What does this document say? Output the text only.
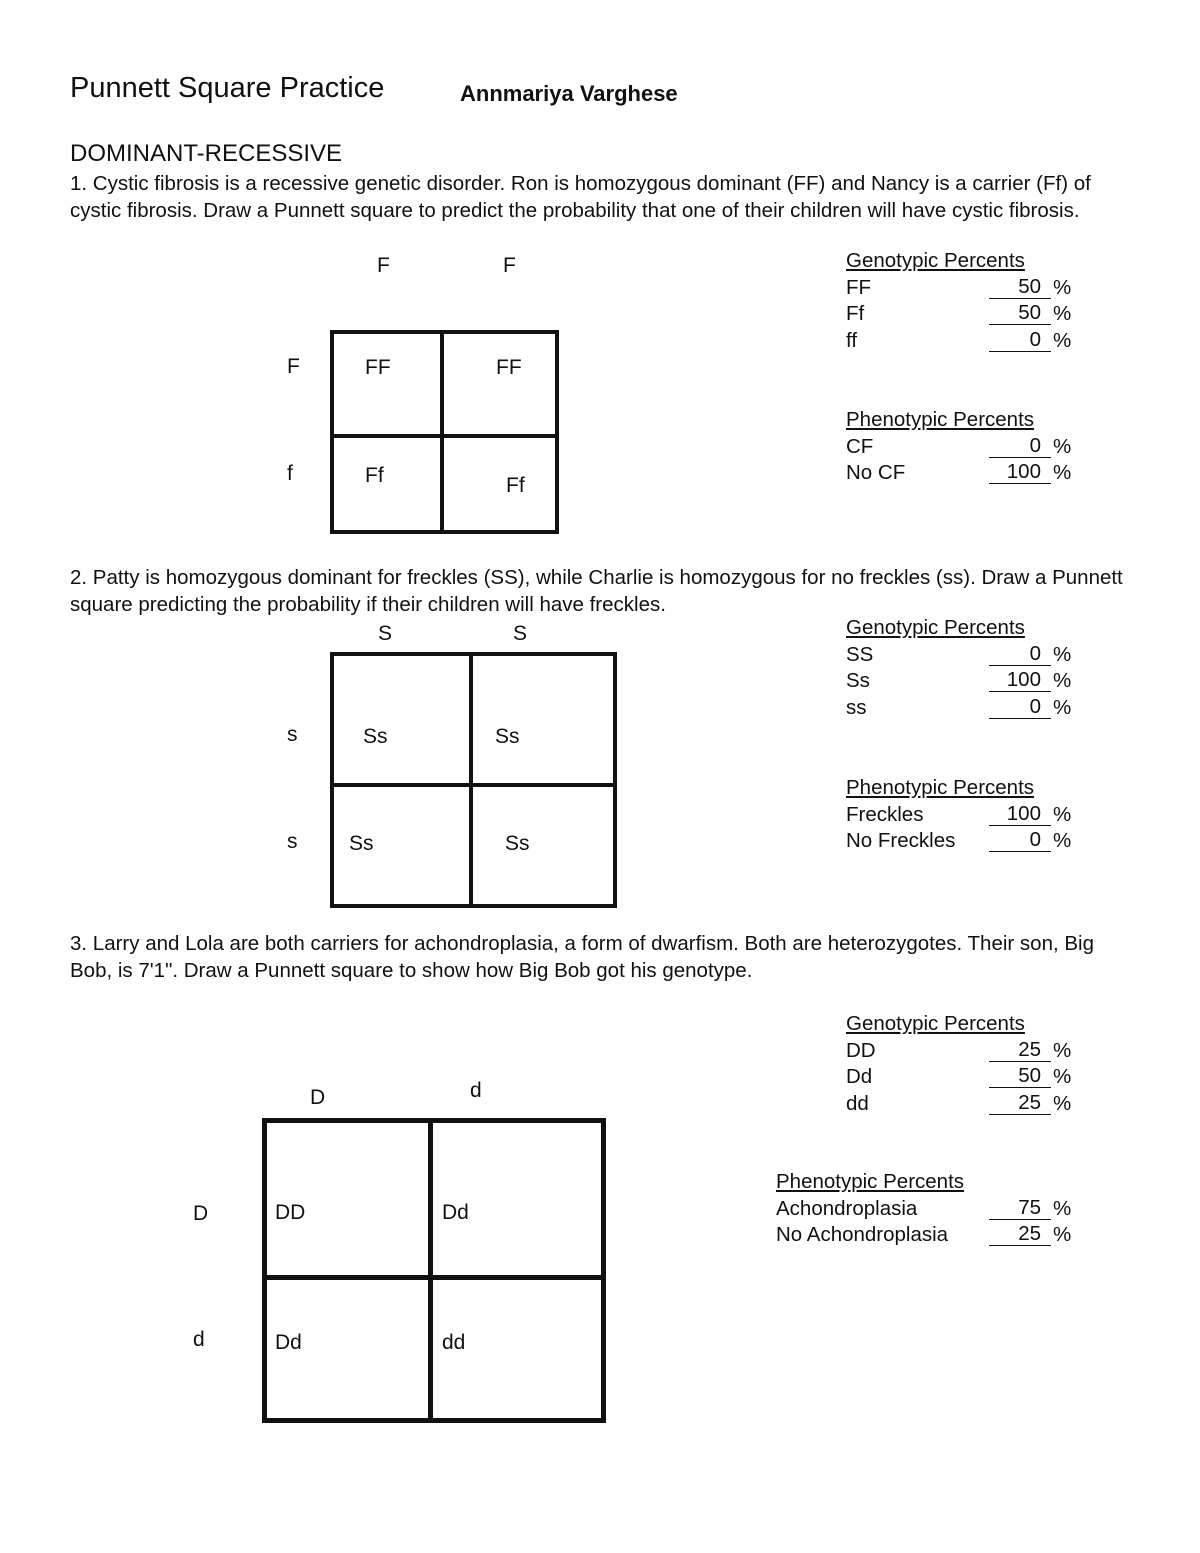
Punnett Square Practice	Annmariya Varghese
DOMINANT-RECESSIVE
1. Cystic fibrosis is a recessive genetic disorder. Ron is homozygous dominant (FF) and Nancy is a carrier (Ff) of cystic fibrosis. Draw a Punnett square to predict the probability that one of their children will have cystic fibrosis.
F	F
F
f
FF	FF
Ff	Ff
Genotypic Percents
FF	50 %
Ff	50 %
ff	0 %
Phenotypic Percents
CF	0 %
No CF	100 %
2. Patty is homozygous dominant for freckles (SS), while Charlie is homozygous for no freckles (ss). Draw a Punnett square predicting the probability if their children will have freckles.
S	S
s
s
Ss	Ss
Ss	Ss
Genotypic Percents
SS	0 %
Ss	100 %
ss	0 %
Phenotypic Percents
Freckles	100 %
No Freckles	0 %
3. Larry and Lola are both carriers for achondroplasia, a form of dwarfism. Both are heterozygotes. Their son, Big Bob, is 7'1". Draw a Punnett square to show how Big Bob got his genotype.
D	d
D
d
DD	Dd
Dd	dd
Genotypic Percents
DD	25 %
Dd	50 %
dd	25 %
Phenotypic Percents
Achondroplasia	75 %
No Achondroplasia	25 %
